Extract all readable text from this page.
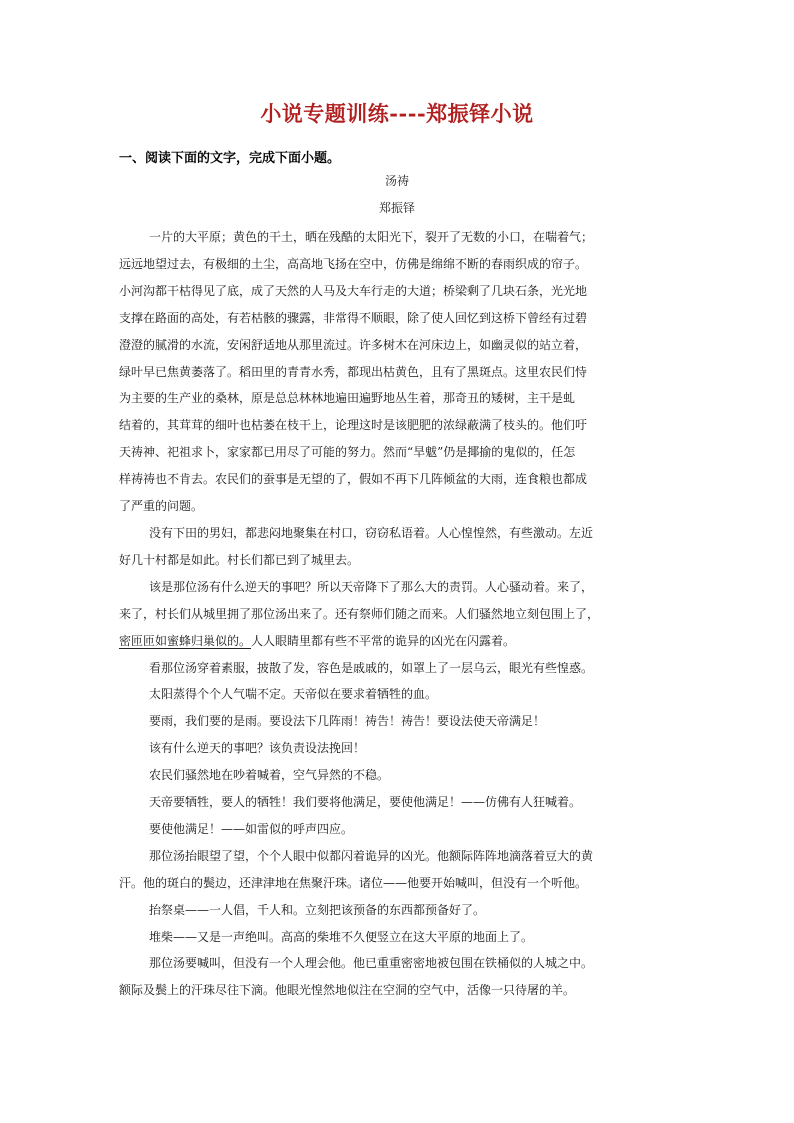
小说专题训练----郑振铎小说
一、阅读下面的文字，完成下面小题。
汤祷
郑振铎
一片的大平原；黄色的干土，晒在残酷的太阳光下，裂开了无数的小口，在喘着气；
远远地望过去，有极细的土尘，高高地飞扬在空中，仿佛是绵绵不断的春雨织成的帘子。
小河沟都干枯得见了底，成了天然的人马及大车行走的大道；桥梁剩了几块石条，光光地
支撑在路面的高处，有若枯骸的骤露，非常得不顺眼，除了使人回忆到这桥下曾经有过碧
澄澄的腻滑的水流，安闲舒适地从那里流过。许多树木在河床边上，如幽灵似的站立着，
绿叶早已焦黄萎落了。稻田里的青青水秀，都现出枯黄色，且有了黑斑点。这里农民们恃
为主要的生产业的桑林，原是总总林林地遍田遍野地丛生着，那奇丑的矮树，主干是虬
结着的，其茸茸的细叶也枯萎在枝干上，论理这时是该肥肥的浓绿蔽满了枝头的。他们吁
天祷神、祀祖求卜，家家都已用尽了可能的努力。然而“旱魃”仍是揶揄的鬼似的，任怎
样祷祷也不肯去。农民们的蚕事是无望的了，假如不再下几阵倾盆的大雨，连食粮也都成
了严重的问题。
没有下田的男妇，都悲闷地聚集在村口，窃窃私语着。人心惶惶然，有些激动。左近
好几十村都是如此。村长们都已到了城里去。
该是那位汤有什么逆天的事吧？所以天帝降下了那么大的责罚。人心骚动着。来了，
来了，村长们从城里拥了那位汤出来了。还有祭师们随之而来。人们骚然地立刻包围上了，
密匝匝如蜜蜂归巢似的。人人眼睛里都有些不平常的诡异的凶光在闪露着。
看那位汤穿着素服，披散了发，容色是戚戚的，如罩上了一层乌云，眼光有些惶惑。
太阳蒸得个个人气喘不定。天帝似在要求着牺牲的血。
要雨，我们要的是雨。要设法下几阵雨！祷告！祷告！要设法使天帝满足！
该有什么逆天的事吧？该负责设法挽回！
农民们骚然地在吵着喊着，空气异然的不稳。
天帝要牺牲，要人的牺牲！我们要将他满足，要使他满足！——仿佛有人狂喊着。
要使他满足！——如雷似的呼声四应。
那位汤抬眼望了望，个个人眼中似都闪着诡异的凶光。他额际阵阵地滴落着豆大的黄
汗。他的斑白的鬓边，还津津地在焦聚汗珠。诸位——他要开始喊叫，但没有一个听他。
抬祭桌——一人倡，千人和。立刻把该预备的东西都预备好了。
堆柴——又是一声绝叫。高高的柴堆不久便竖立在这大平原的地面上了。
那位汤要喊叫，但没有一个人理会他。他已重重密密地被包围在铁桶似的人城之中。
额际及鬓上的汗珠尽往下滴。他眼光惶然地似注在空洞的空气中，活像一只待屠的羊。
